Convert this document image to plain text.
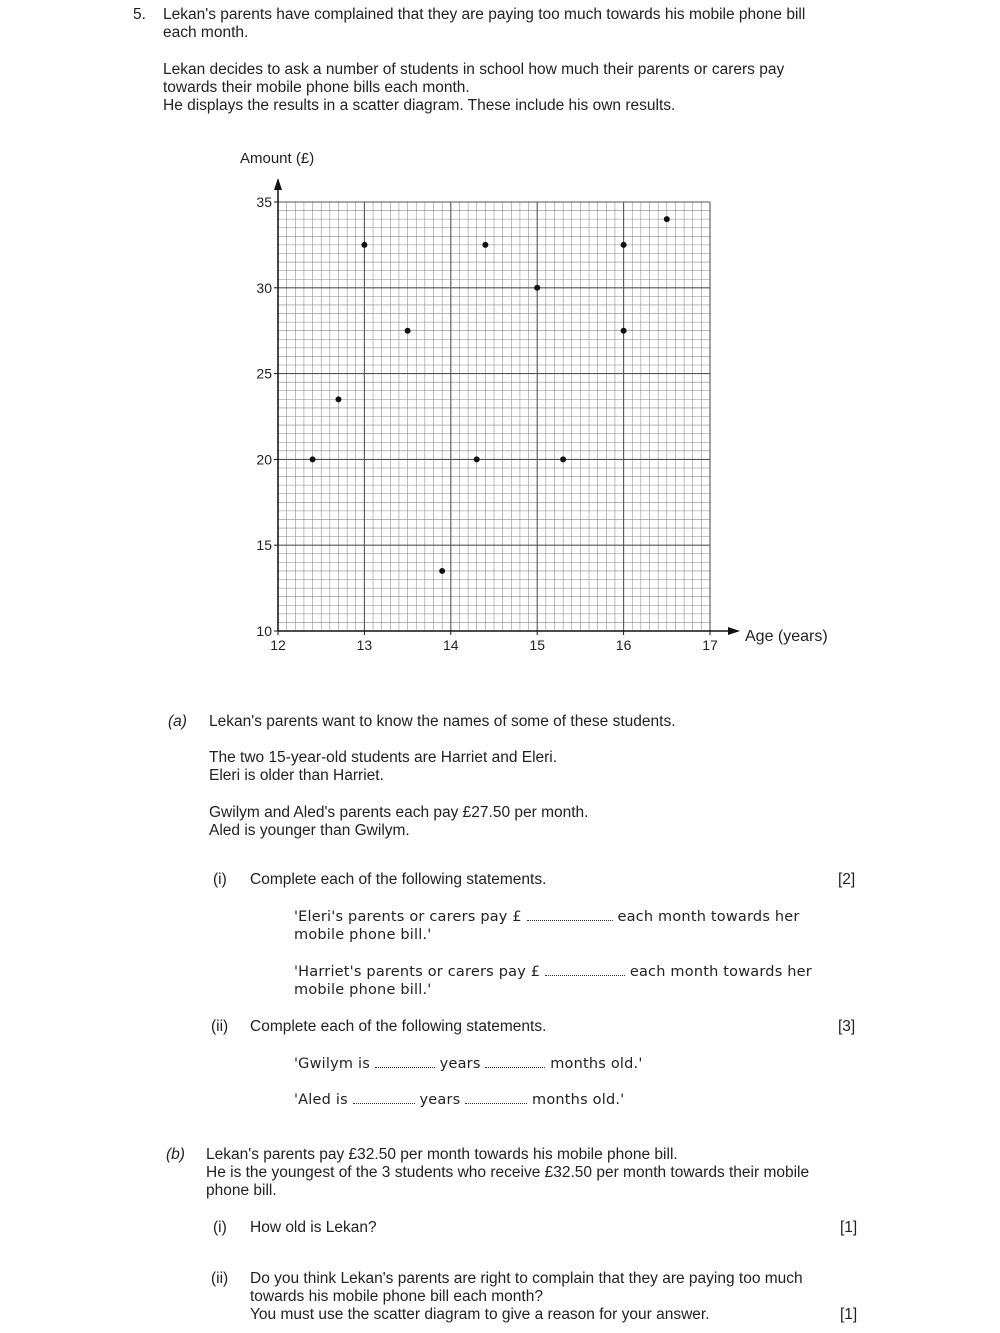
5. Lekan's parents have complained that they are paying too much towards his mobile phone bill
each month.
Lekan decides to ask a number of students in school how much their parents or carers pay
towards their mobile phone bills each month.
He displays the results in a scatter diagram. These include his own results.
12	13	14	15	16	17
10
15
20
25
30
35
Amount (£)
Age (years)
(a) Lekan's parents want to know the names of some of these students.
The two 15-year-old students are Harriet and Eleri.
Eleri is older than Harriet.
Gwilym and Aled's parents each pay £27.50 per month.
Aled is younger than Gwilym.
(i) Complete each of the following statements.	[2]
'Eleri's parents or carers pay £	each month towards her
mobile phone bill.'
'Harriet's parents or carers pay £	each month towards her
mobile phone bill.'
(ii) Complete each of the following statements.	[3]
'Gwilym is	years	months old.'
'Aled is	years	months old.'
(b) Lekan's parents pay £32.50 per month towards his mobile phone bill.
He is the youngest of the 3 students who receive £32.50 per month towards their mobile
phone bill.
(i) How old is Lekan?	[1]
(ii) Do you think Lekan's parents are right to complain that they are paying too much
towards his mobile phone bill each month?
You must use the scatter diagram to give a reason for your answer.	[1]
